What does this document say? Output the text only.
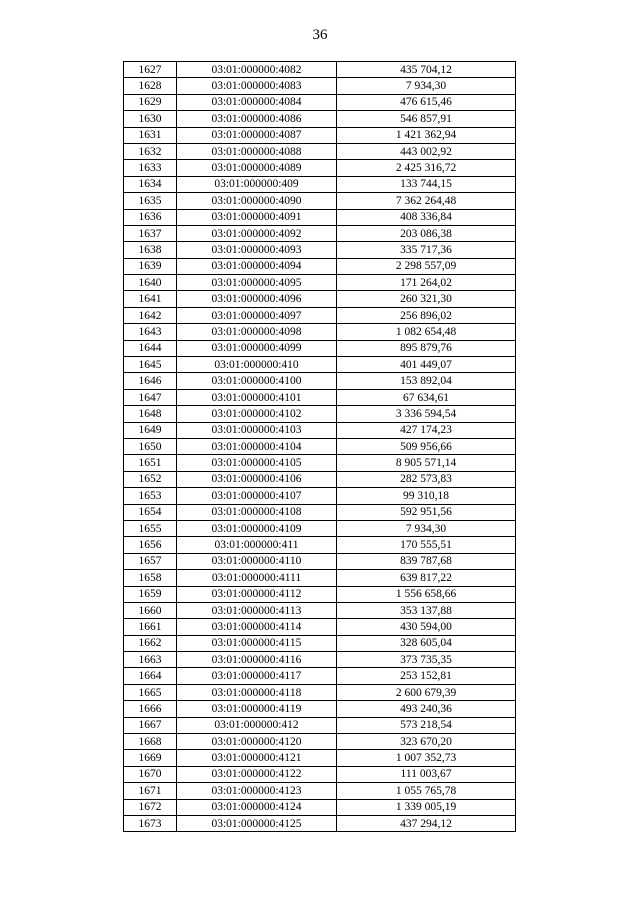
36
1627	03:01:000000:4082	435 704,12
1628	03:01:000000:4083	7 934,30
1629	03:01:000000:4084	476 615,46
1630	03:01:000000:4086	546 857,91
1631	03:01:000000:4087	1 421 362,94
1632	03:01:000000:4088	443 002,92
1633	03:01:000000:4089	2 425 316,72
1634	03:01:000000:409	133 744,15
1635	03:01:000000:4090	7 362 264,48
1636	03:01:000000:4091	408 336,84
1637	03:01:000000:4092	203 086,38
1638	03:01:000000:4093	335 717,36
1639	03:01:000000:4094	2 298 557,09
1640	03:01:000000:4095	171 264,02
1641	03:01:000000:4096	260 321,30
1642	03:01:000000:4097	256 896,02
1643	03:01:000000:4098	1 082 654,48
1644	03:01:000000:4099	895 879,76
1645	03:01:000000:410	401 449,07
1646	03:01:000000:4100	153 892,04
1647	03:01:000000:4101	67 634,61
1648	03:01:000000:4102	3 336 594,54
1649	03:01:000000:4103	427 174,23
1650	03:01:000000:4104	509 956,66
1651	03:01:000000:4105	8 905 571,14
1652	03:01:000000:4106	282 573,83
1653	03:01:000000:4107	99 310,18
1654	03:01:000000:4108	592 951,56
1655	03:01:000000:4109	7 934,30
1656	03:01:000000:411	170 555,51
1657	03:01:000000:4110	839 787,68
1658	03:01:000000:4111	639 817,22
1659	03:01:000000:4112	1 556 658,66
1660	03:01:000000:4113	353 137,88
1661	03:01:000000:4114	430 594,00
1662	03:01:000000:4115	328 605,04
1663	03:01:000000:4116	373 735,35
1664	03:01:000000:4117	253 152,81
1665	03:01:000000:4118	2 600 679,39
1666	03:01:000000:4119	493 240,36
1667	03:01:000000:412	573 218,54
1668	03:01:000000:4120	323 670,20
1669	03:01:000000:4121	1 007 352,73
1670	03:01:000000:4122	111 003,67
1671	03:01:000000:4123	1 055 765,78
1672	03:01:000000:4124	1 339 005,19
1673	03:01:000000:4125	437 294,12
